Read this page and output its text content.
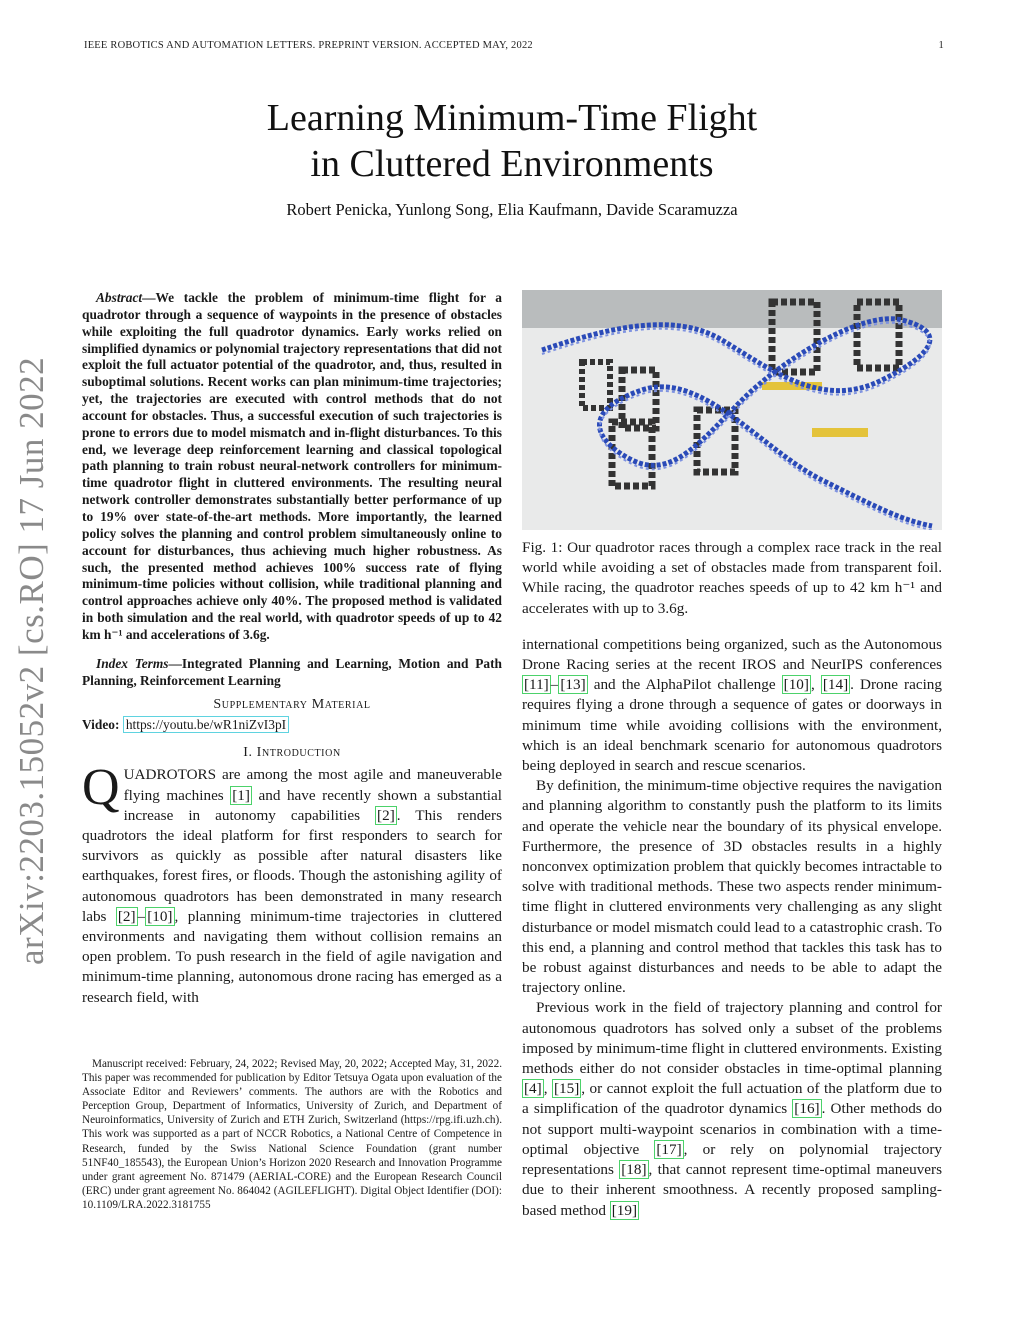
IEEE ROBOTICS AND AUTOMATION LETTERS. PREPRINT VERSION. ACCEPTED MAY, 2022	1
arXiv:2203.15052v2 [cs.RO] 17 Jun 2022
Learning Minimum-Time Flight
in Cluttered Environments
Robert Penicka, Yunlong Song, Elia Kaufmann, Davide Scaramuzza

Abstract—We tackle the problem of minimum-time flight for a quadrotor through a sequence of waypoints in the presence of obstacles while exploiting the full quadrotor dynamics. Early works relied on simplified dynamics or polynomial trajectory representations that did not exploit the full actuator potential of the quadrotor, and, thus, resulted in suboptimal solutions. Recent works can plan minimum-time trajectories; yet, the trajectories are executed with control methods that do not account for obstacles. Thus, a successful execution of such trajectories is prone to errors due to model mismatch and in-flight disturbances. To this end, we leverage deep reinforcement learning and classical topological path planning to train robust neural-network controllers for minimum-time quadrotor flight in cluttered environments. The resulting neural network controller demonstrates substantially better performance of up to 19% over state-of-the-art methods. More importantly, the learned policy solves the planning and control problem simultaneously online to account for disturbances, thus achieving much higher robustness. As such, the presented method achieves 100% success rate of flying minimum-time policies without collision, while traditional planning and control approaches achieve only 40%. The proposed method is validated in both simulation and the real world, with quadrotor speeds of up to 42 km h⁻¹ and accelerations of 3.6g.

Index Terms—Integrated Planning and Learning, Motion and Path Planning, Reinforcement Learning

Supplementary Material

Video: https://youtu.be/wR1niZvI3pI

I. Introduction

QUADROTORS are among the most agile and maneuverable flying machines [1] and have recently shown a substantial increase in autonomy capabilities [2] . This renders quadrotors the ideal platform for first responders to search for survivors as quickly as possible after natural disasters like earthquakes, forest fires, or floods. Though the astonishing agility of autonomous quadrotors has been demonstrated in many research labs [2] – [10] , planning minimum-time trajectories in cluttered environments and navigating them without collision remains an open problem. To push research in the field of agile navigation and minimum-time planning, autonomous drone racing has emerged as a research field, with

Manuscript received: February, 24, 2022; Revised May, 20, 2022; Accepted May, 31, 2022. This paper was recommended for publication by Editor Tetsuya Ogata upon evaluation of the Associate Editor and Reviewers’ comments. The authors are with the Robotics and Perception Group, Department of Informatics, University of Zurich, and Department of Neuroinformatics, University of Zurich and ETH Zurich, Switzerland (https://rpg.ifi.uzh.ch). This work was supported as a part of NCCR Robotics, a National Centre of Competence in Research, funded by the Swiss National Science Foundation (grant number 51NF40_185543), the European Union’s Horizon 2020 Research and Innovation Programme under grant agreement No. 871479 (AERIAL-CORE) and the European Research Council (ERC) under grant agreement No. 864042 (AGILEFLIGHT). Digital Object Identifier (DOI): 10.1109/LRA.2022.3181755

Fig. 1: Our quadrotor races through a complex race track in the real world while avoiding a set of obstacles made from transparent foil. While racing, the quadrotor reaches speeds of up to 42 km h⁻¹ and accelerates with up to 3.6g.

international competitions being organized, such as the Autonomous Drone Racing series at the recent IROS and NeurIPS conferences [11] – [13] and the AlphaPilot challenge [10] , [14] . Drone racing requires flying a drone through a sequence of gates or doorways in minimum time while avoiding collisions with the environment, which is an ideal benchmark scenario for autonomous quadrotors being deployed in search and rescue scenarios.

By definition, the minimum-time objective requires the navigation and planning algorithm to constantly push the platform to its limits and operate the vehicle near the boundary of its physical envelope. Furthermore, the presence of 3D obstacles results in a highly nonconvex optimization problem that quickly becomes intractable to solve with traditional methods. These two aspects render minimum-time flight in cluttered environments very challenging as any slight disturbance or model mismatch could lead to a catastrophic crash. To this end, a planning and control method that tackles this task has to be robust against disturbances and needs to be able to adapt the trajectory online.

Previous work in the field of trajectory planning and control for autonomous quadrotors has solved only a subset of the problems imposed by minimum-time flight in cluttered environments. Existing methods either do not consider obstacles in time-optimal planning [4] , [15] , or cannot exploit the full actuation of the platform due to a simplification of the quadrotor dynamics [16] . Other methods do not support multi-waypoint scenarios in combination with a time-optimal objective [17] , or rely on polynomial trajectory representations [18] , that cannot represent time-optimal maneuvers due to their inherent smoothness. A recently proposed sampling-based method [19]
